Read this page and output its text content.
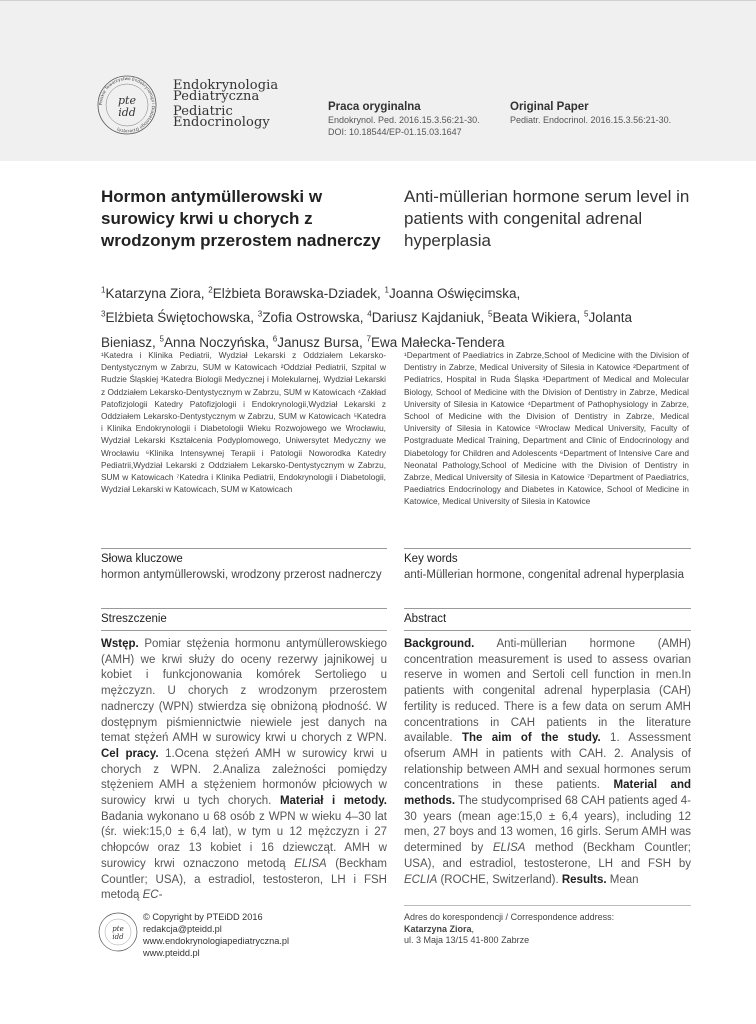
Polskie Towarzystwo Endokrynologii i Diabetologii Dziecięcej
pte
idd
Endokrynologia
Pediatryczna
Pediatric
Endocrinology
Praca oryginalna
Endokrynol. Ped. 2016.15.3.56:21-30.
DOI: 10.18544/EP-01.15.03.1647
Original Paper
Pediatr. Endocrinol. 2016.15.3.56:21-30.
Hormon antymüllerowski w surowicy krwi u chorych z wrodzonym przerostem nadnerczy
Anti-müllerian hormone serum level in patients with congenital adrenal hyperplasia
$^1$Katarzyna Ziora, $^2$Elżbieta Borawska-Dziadek, $^1$Joanna Oświęcimska,
$^3$Elżbieta Świętochowska, $^3$Zofia Ostrowska, $^4$Dariusz Kajdaniuk, $^5$Beata Wikiera, $^5$Jolanta Bieniasz, $^5$Anna Noczyńska, $^6$Janusz Bursa, $^7$Ewa Małecka-Tendera
¹Katedra i Klinika Pediatrii, Wydział Lekarski z Oddziałem Lekarsko-Dentystycznym w Zabrzu, SUM w Katowicach ²Oddział Pediatrii, Szpital w Rudzie Śląskiej ³Katedra Biologii Medycznej i Molekularnej, Wydział Lekarski z Oddziałem Lekarsko-Dentystycznym w Zabrzu, SUM w Katowicach ⁴Zakład Patofizjologii Katedry Patofizjologii i Endokrynologii,Wydział Lekarski z Oddziałem Lekarsko-Dentystycznym w Zabrzu, SUM w Katowicach ⁵Katedra i Klinika Endokrynologii i Diabetologii Wieku Rozwojowego we Wrocławiu, Wydział Lekarski Kształcenia Podyplomowego, Uniwersytet Medyczny we Wrocławiu ⁶Klinika Intensywnej Terapii i Patologii Noworodka Katedry Pediatrii,Wydział Lekarski z Oddziałem Lekarsko-Dentystycznym w Zabrzu, SUM w Katowicach ⁷Katedra i Klinika Pediatrii, Endokrynologii i Diabetologii, Wydział Lekarski w Katowicach, SUM w Katowicach
¹Department of Paediatrics in Zabrze,School of Medicine with the Division of Dentistry in Zabrze, Medical University of Silesia in Katowice ²Department of Pediatrics, Hospital in Ruda Śląska ³Department of Medical and Molecular Biology, School of Medicine with the Division of Dentistry in Zabrze, Medical University of Silesia in Katowice ⁴Department of Pathophysiology in Zabrze, School of Medicine with the Division of Dentistry in Zabrze, Medical University of Silesia in Katowice ⁵Wroclaw Medical University, Faculty of Postgraduate Medical Training, Department and Clinic of Endocrinology and Diabetology for Children and Adolescents ⁶Department of Intensive Care and Neonatal Pathology,School of Medicine with the Division of Dentistry in Zabrze, Medical University of Silesia in Katowice ⁷Department of Paediatrics, Paediatrics Endocrinology and Diabetes in Katowice, School of Medicine in Katowice, Medical University of Silesia in Katowice
Słowa kluczowe	Key words
hormon antymüllerowski, wrodzony przerost nadnerczy	anti-Müllerian hormone, congenital adrenal hyperplasia
Streszczenie	Abstract
Wstęp. Pomiar stężenia hormonu antymüllerowskiego (AMH) we krwi służy do oceny rezerwy jajnikowej u kobiet i funkcjonowania komórek Sertoliego u mężczyzn. U chorych z wrodzonym przerostem nadnerczy (WPN) stwierdza się obniżoną płodność. W dostępnym piśmiennictwie niewiele jest danych na temat stężeń AMH w surowicy krwi u chorych z WPN. Cel pracy. 1.Ocena stężeń AMH w surowicy krwi u chorych z WPN. 2.Analiza zależności pomiędzy stężeniem AMH a stężeniem hormonów płciowych w surowicy krwi u tych chorych. Materiał i metody. Badania wykonano u 68 osób z WPN w wieku 4–30 lat (śr. wiek:15,0 ± 6,4 lat), w tym u 12 mężczyzn i 27 chłopców oraz 13 kobiet i 16 dziewcząt. AMH w surowicy krwi oznaczono metodą ELISA (Beckham Countler; USA), a estradiol, testosteron, LH i FSH metodą EC-
Background. Anti-müllerian hormone (AMH) concentration measurement is used to assess ovarian reserve in women and Sertoli cell function in men.In patients with congenital adrenal hyperplasia (CAH) fertility is reduced. There is a few data on serum AMH concentrations in CAH patients in the literature available. The aim of the study. 1. Assessment ofserum AMH in patients with CAH. 2. Analysis of relationship between AMH and sexual hormones serum concentrations in these patients. Material and methods. The studycomprised 68 CAH patients aged 4-30 years (mean age:15,0 ± 6,4 years), including 12 men, 27 boys and 13 women, 16 girls. Serum AMH was determined by ELISA method (Beckham Countler; USA), and estradiol, testosterone, LH and FSH by ECLIA (ROCHE, Switzerland). Results. Mean
pte
idd
© Copyright by PTEiDD 2016
redakcja@pteidd.pl
www.endokrynologiapediatryczna.pl
www.pteidd.pl
Adres do korespondencji / Correspondence address:
Katarzyna Ziora,
ul. 3 Maja 13/15 41-800 Zabrze
